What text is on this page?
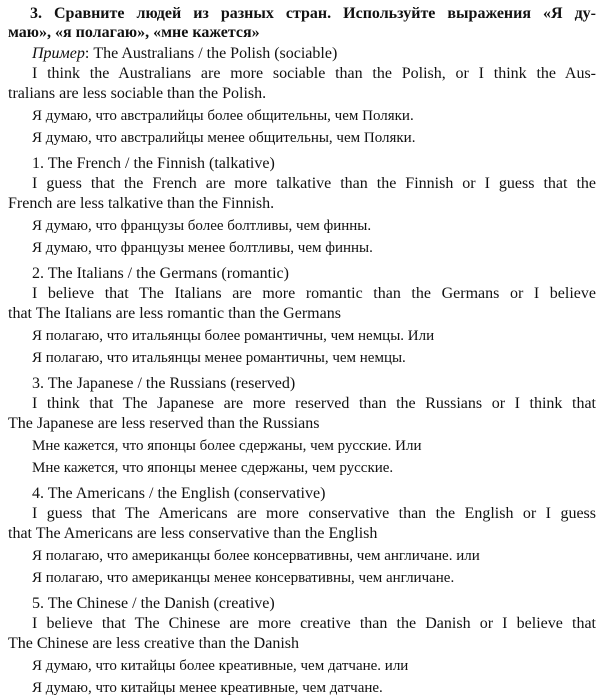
3. Сравните людей из разных стран. Используйте выражения «Я ду-
маю», «я полагаю», «мне кажется»
Пример: The Australians / the Polish (sociable)
I think the Australians are more sociable than the Polish, or I think the Aus-
tralians are less sociable than the Polish.
Я думаю, что австралийцы более общительны, чем Поляки.
Я думаю, что австралийцы менее общительны, чем Поляки.
1. The French / the Finnish (talkative)
I guess that the French are more talkative than the Finnish or I guess that the
French are less talkative than the Finnish.
Я думаю, что французы более болтливы, чем финны.
Я думаю, что французы менее болтливы, чем финны.
2. The Italians / the Germans (romantic)
I believe that The Italians are more romantic than the Germans or I believe
that The Italians are less romantic than the Germans
Я полагаю, что итальянцы более романтичны, чем немцы. Или
Я полагаю, что итальянцы менее романтичны, чем немцы.
3. The Japanese / the Russians (reserved)
I think that The Japanese are more reserved than the Russians or I think that
The Japanese are less reserved than the Russians
Мне кажется, что японцы более сдержаны, чем русские. Или
Мне кажется, что японцы менее сдержаны, чем русские.
4. The Americans / the English (conservative)
I guess that The Americans are more conservative than the English or I guess
that The Americans are less conservative than the English
Я полагаю, что американцы более консервативны, чем англичане. или
Я полагаю, что американцы менее консервативны, чем англичане.
5. The Chinese / the Danish (creative)
I believe that The Chinese are more creative than the Danish or I believe that
The Chinese are less creative than the Danish
Я думаю, что китайцы более креативные, чем датчане. или
Я думаю, что китайцы менее креативные, чем датчане.
